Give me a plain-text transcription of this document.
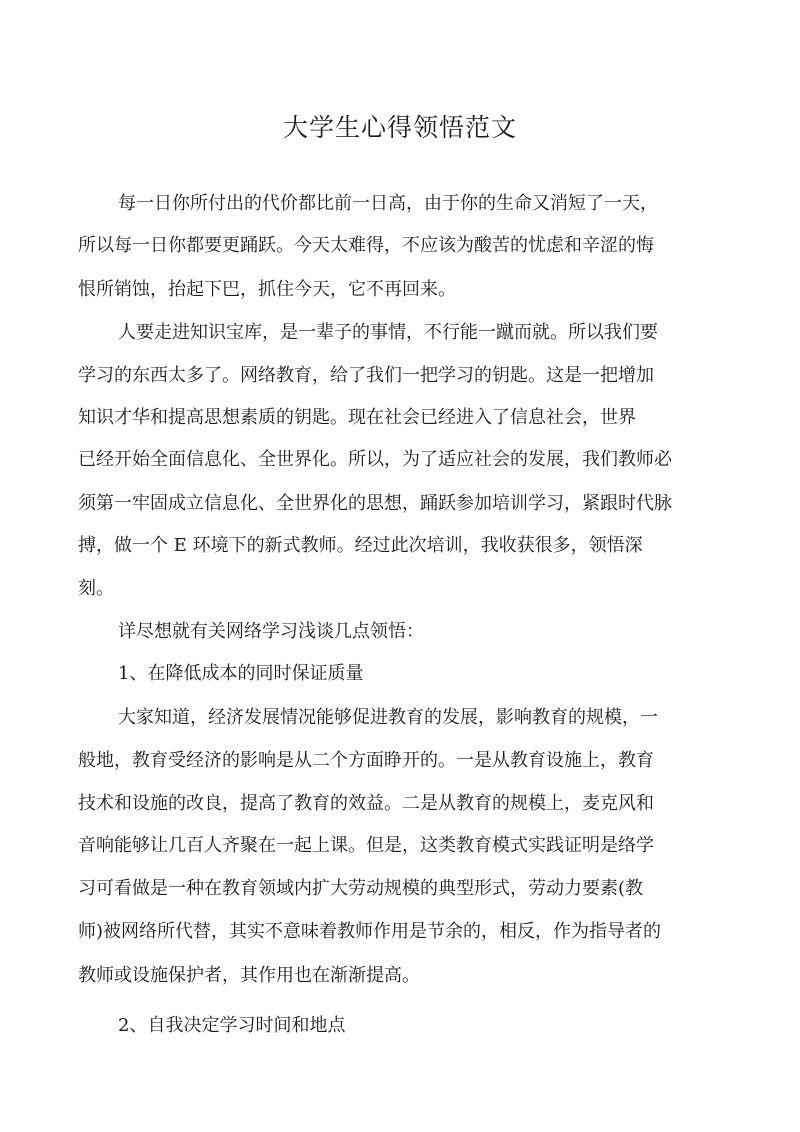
大学生心得领悟范文
每一日你所付出的代价都比前一日高，由于你的生命又消短了一天，
所以每一日你都要更踊跃。今天太难得，不应该为酸苦的忧虑和辛涩的悔
恨所销蚀，抬起下巴，抓住今天，它不再回来。
人要走进知识宝库，是一辈子的事情，不行能一蹴而就。所以我们要
学习的东西太多了。网络教育，给了我们一把学习的钥匙。这是一把增加
知识才华和提高思想素质的钥匙。现在社会已经进入了信息社会，世界
已经开始全面信息化、全世界化。所以，为了适应社会的发展，我们教师必
须第一牢固成立信息化、全世界化的思想，踊跃参加培训学习，紧跟时代脉
搏，做一个 E 环境下的新式教师。经过此次培训，我收获很多，领悟深
刻。
详尽想就有关网络学习浅谈几点领悟：
1、在降低成本的同时保证质量
大家知道，经济发展情况能够促进教育的发展，影响教育的规模，一
般地，教育受经济的影响是从二个方面睁开的。一是从教育设施上，教育
技术和设施的改良，提高了教育的效益。二是从教育的规模上，麦克风和
音响能够让几百人齐聚在一起上课。但是，这类教育模式实践证明是络学
习可看做是一种在教育领域内扩大劳动规模的典型形式，劳动力要素(教
师)被网络所代替，其实不意味着教师作用是节余的，相反，作为指导者的
教师或设施保护者，其作用也在渐渐提高。
2、自我决定学习时间和地点
